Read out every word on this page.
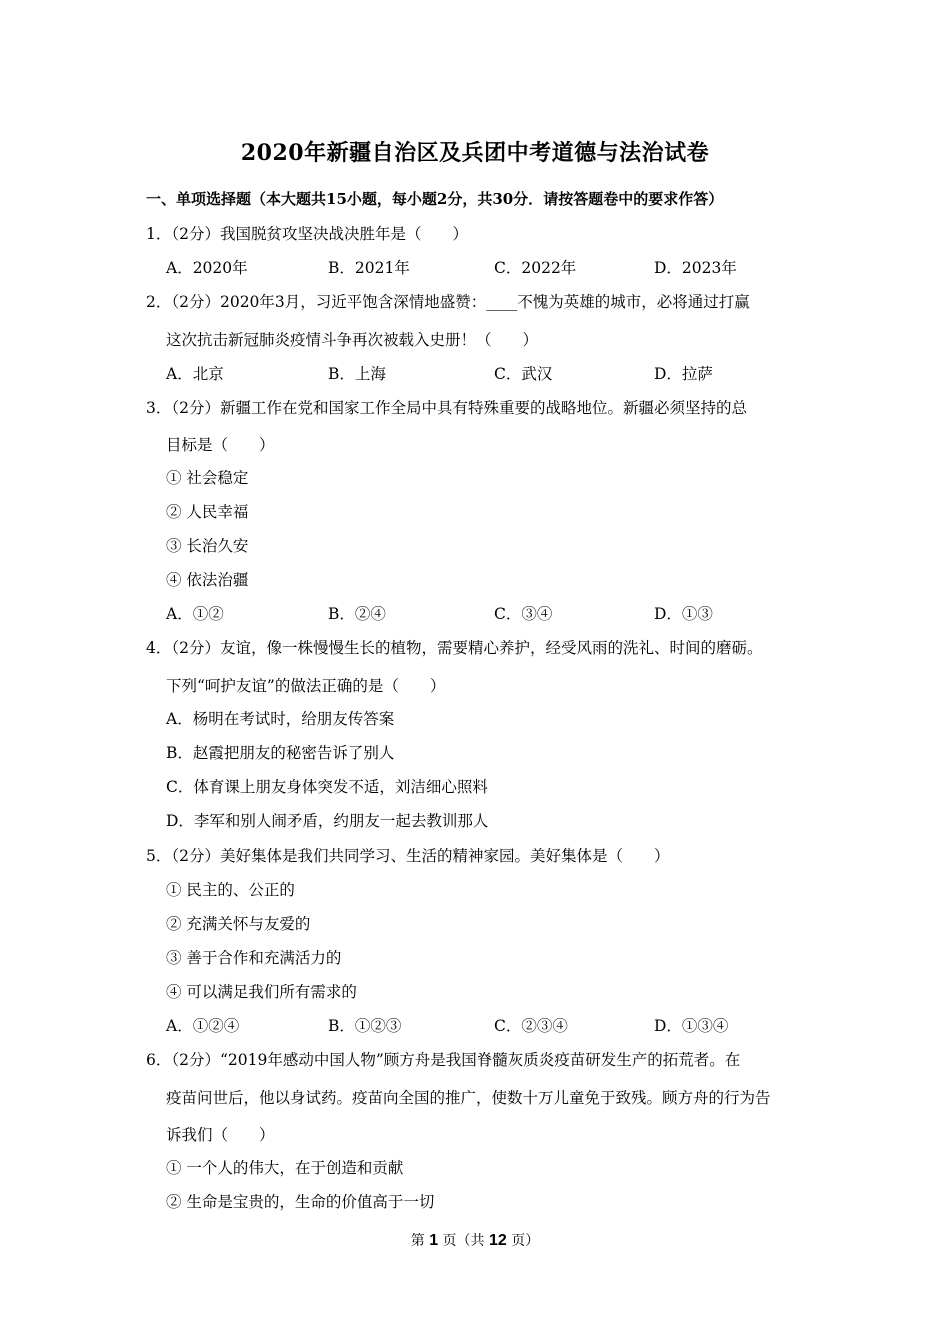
2020年新疆自治区及兵团中考道德与法治试卷
一、单项选择题（本大题共15小题，每小题2分，共30分．请按答题卷中的要求作答）
1．（2分）我国脱贫攻坚决战决胜年是（　　）
A．2020年	B．2021年	C．2022年	D．2023年
2．（2分）2020年3月，习近平饱含深情地盛赞：____不愧为英雄的城市，必将通过打赢
这次抗击新冠肺炎疫情斗争再次被载入史册！（　　）
A．北京	B．上海	C．武汉	D．拉萨
3．（2分）新疆工作在党和国家工作全局中具有特殊重要的战略地位。新疆必须坚持的总
目标是（　　）
① 社会稳定
② 人民幸福
③ 长治久安
④ 依法治疆
A．①②	B．②④	C．③④	D．①③
4．（2分）友谊，像一株慢慢生长的植物，需要精心养护，经受风雨的洗礼、时间的磨砺。
下列“呵护友谊”的做法正确的是（　　）
A．杨明在考试时，给朋友传答案
B．赵霞把朋友的秘密告诉了别人
C．体育课上朋友身体突发不适，刘洁细心照料
D．李军和别人闹矛盾，约朋友一起去教训那人
5．（2分）美好集体是我们共同学习、生活的精神家园。美好集体是（　　）
① 民主的、公正的
② 充满关怀与友爱的
③ 善于合作和充满活力的
④ 可以满足我们所有需求的
A．①②④	B．①②③	C．②③④	D．①③④
6．（2分）“2019年感动中国人物”顾方舟是我国脊髓灰质炎疫苗研发生产的拓荒者。在
疫苗问世后，他以身试药。疫苗向全国的推广，使数十万儿童免于致残。顾方舟的行为告
诉我们（　　）
① 一个人的伟大，在于创造和贡献
② 生命是宝贵的，生命的价值高于一切
第 1 页（共 12 页）
